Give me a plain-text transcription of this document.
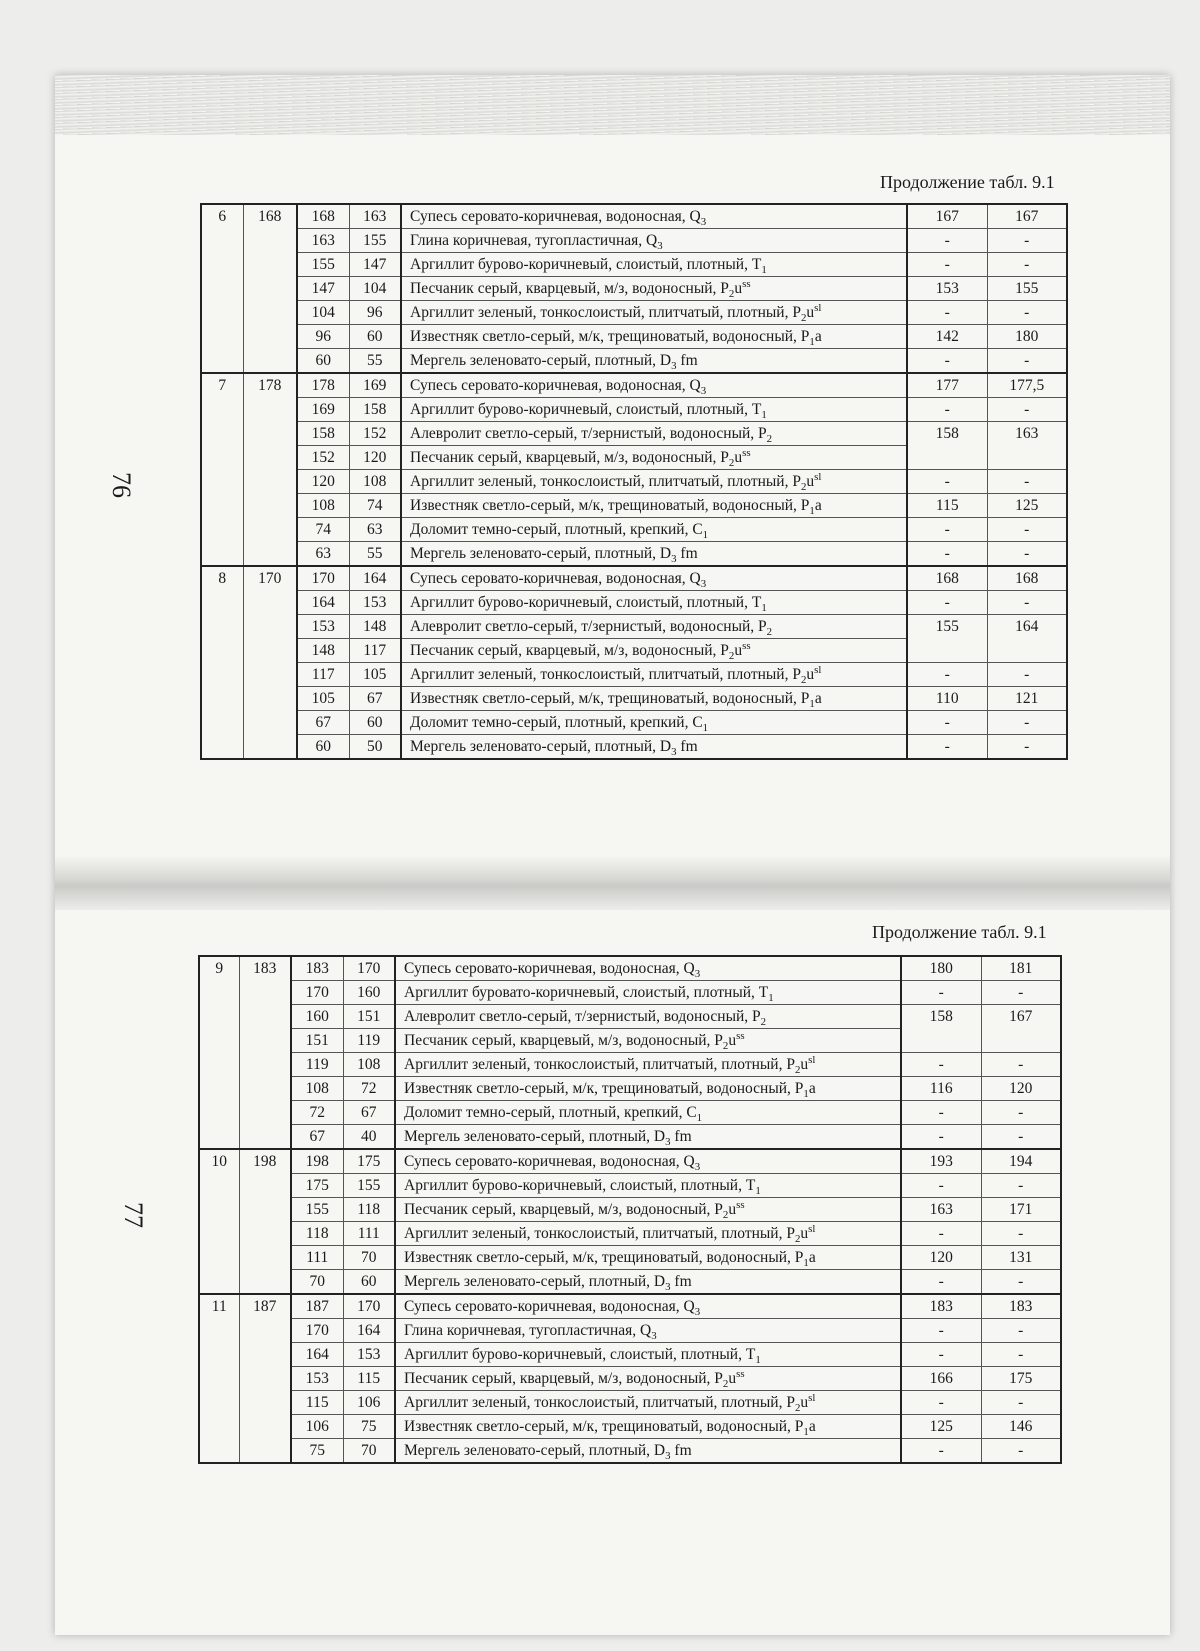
Продолжение табл. 9.1
76
6	168	168	163	Супесь серовато-коричневая, водоносная, $Q_3$	167	167
		163	155	Глина коричневая, тугопластичная, $Q_3$	-	-
		155	147	Аргиллит бурово-коричневый, слоистый, плотный, $T_1$	-	-
		147	104	Песчаник серый, кварцевый, м/з, водоносный, $P_2u^{ss}$	153	155
		104	96	Аргиллит зеленый, тонкослоистый, плитчатый, плотный, $P_2u^{sl}$	-	-
		96	60	Известняк светло-серый, м/к, трещиноватый, водоносный, $P_1a$	142	180
		60	55	Мергель зеленовато-серый, плотный, $D_3$ fm	-	-
7	178	178	169	Супесь серовато-коричневая, водоносная, $Q_3$	177	177,5
		169	158	Аргиллит бурово-коричневый, слоистый, плотный, $T_1$	-	-
		158	152	Алевролит светло-серый, т/зернистый, водоносный, $P_2$	158	163
		152	120	Песчаник серый, кварцевый, м/з, водоносный, $P_2u^{ss}$
		120	108	Аргиллит зеленый, тонкослоистый, плитчатый, плотный, $P_2u^{sl}$	-	-
		108	74	Известняк светло-серый, м/к, трещиноватый, водоносный, $P_1a$	115	125
		74	63	Доломит темно-серый, плотный, крепкий, $C_1$	-	-
		63	55	Мергель зеленовато-серый, плотный, $D_3$ fm	-	-
8	170	170	164	Супесь серовато-коричневая, водоносная, $Q_3$	168	168
		164	153	Аргиллит бурово-коричневый, слоистый, плотный, $T_1$	-	-
		153	148	Алевролит светло-серый, т/зернистый, водоносный, $P_2$	155	164
		148	117	Песчаник серый, кварцевый, м/з, водоносный, $P_2u^{ss}$
		117	105	Аргиллит зеленый, тонкослоистый, плитчатый, плотный, $P_2u^{sl}$	-	-
		105	67	Известняк светло-серый, м/к, трещиноватый, водоносный, $P_1a$	110	121
		67	60	Доломит темно-серый, плотный, крепкий, $C_1$	-	-
		60	50	Мергель зеленовато-серый, плотный, $D_3$ fm	-	-
Продолжение табл. 9.1
77
9	183	183	170	Супесь серовато-коричневая, водоносная, $Q_3$	180	181
		170	160	Аргиллит буровато-коричневый, слоистый, плотный, $T_1$	-	-
		160	151	Алевролит светло-серый, т/зернистый, водоносный, $P_2$	158	167
		151	119	Песчаник серый, кварцевый, м/з, водоносный, $P_2u^{ss}$
		119	108	Аргиллит зеленый, тонкослоистый, плитчатый, плотный, $P_2u^{sl}$	-	-
		108	72	Известняк светло-серый, м/к, трещиноватый, водоносный, $P_1a$	116	120
		72	67	Доломит темно-серый, плотный, крепкий, $C_1$	-	-
		67	40	Мергель зеленовато-серый, плотный, $D_3$ fm	-	-
10	198	198	175	Супесь серовато-коричневая, водоносная, $Q_3$	193	194
		175	155	Аргиллит бурово-коричневый, слоистый, плотный, $T_1$	-	-
		155	118	Песчаник серый, кварцевый, м/з, водоносный, $P_2u^{ss}$	163	171
		118	111	Аргиллит зеленый, тонкослоистый, плитчатый, плотный, $P_2u^{sl}$	-	-
		111	70	Известняк светло-серый, м/к, трещиноватый, водоносный, $P_1a$	120	131
		70	60	Мергель зеленовато-серый, плотный, $D_3$ fm	-	-
11	187	187	170	Супесь серовато-коричневая, водоносная, $Q_3$	183	183
		170	164	Глина коричневая, тугопластичная, $Q_3$	-	-
		164	153	Аргиллит бурово-коричневый, слоистый, плотный, $T_1$	-	-
		153	115	Песчаник серый, кварцевый, м/з, водоносный, $P_2u^{ss}$	166	175
		115	106	Аргиллит зеленый, тонкослоистый, плитчатый, плотный, $P_2u^{sl}$	-	-
		106	75	Известняк светло-серый, м/к, трещиноватый, водоносный, $P_1a$	125	146
		75	70	Мергель зеленовато-серый, плотный, $D_3$ fm	-	-
